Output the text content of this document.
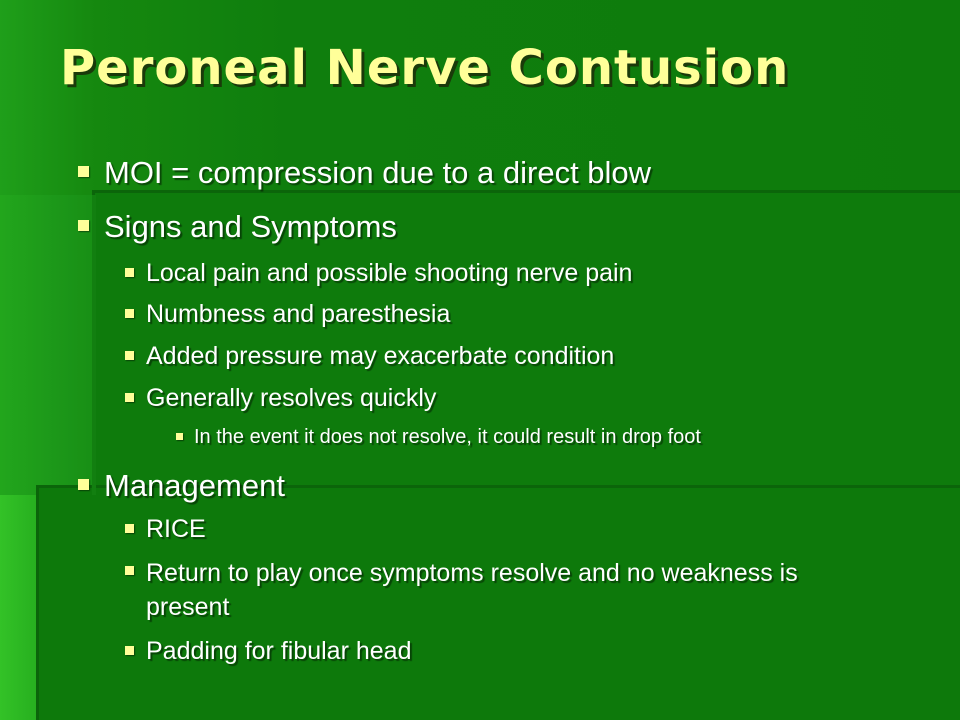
Peroneal Nerve Contusion
MOI = compression due to a direct blow
Signs and Symptoms
Local pain and possible shooting nerve pain
Numbness and paresthesia
Added pressure may exacerbate condition
Generally resolves quickly
In the event it does not resolve, it could result in drop foot
Management
RICE
Return to play once symptoms resolve and no weakness is present
Padding for fibular head
